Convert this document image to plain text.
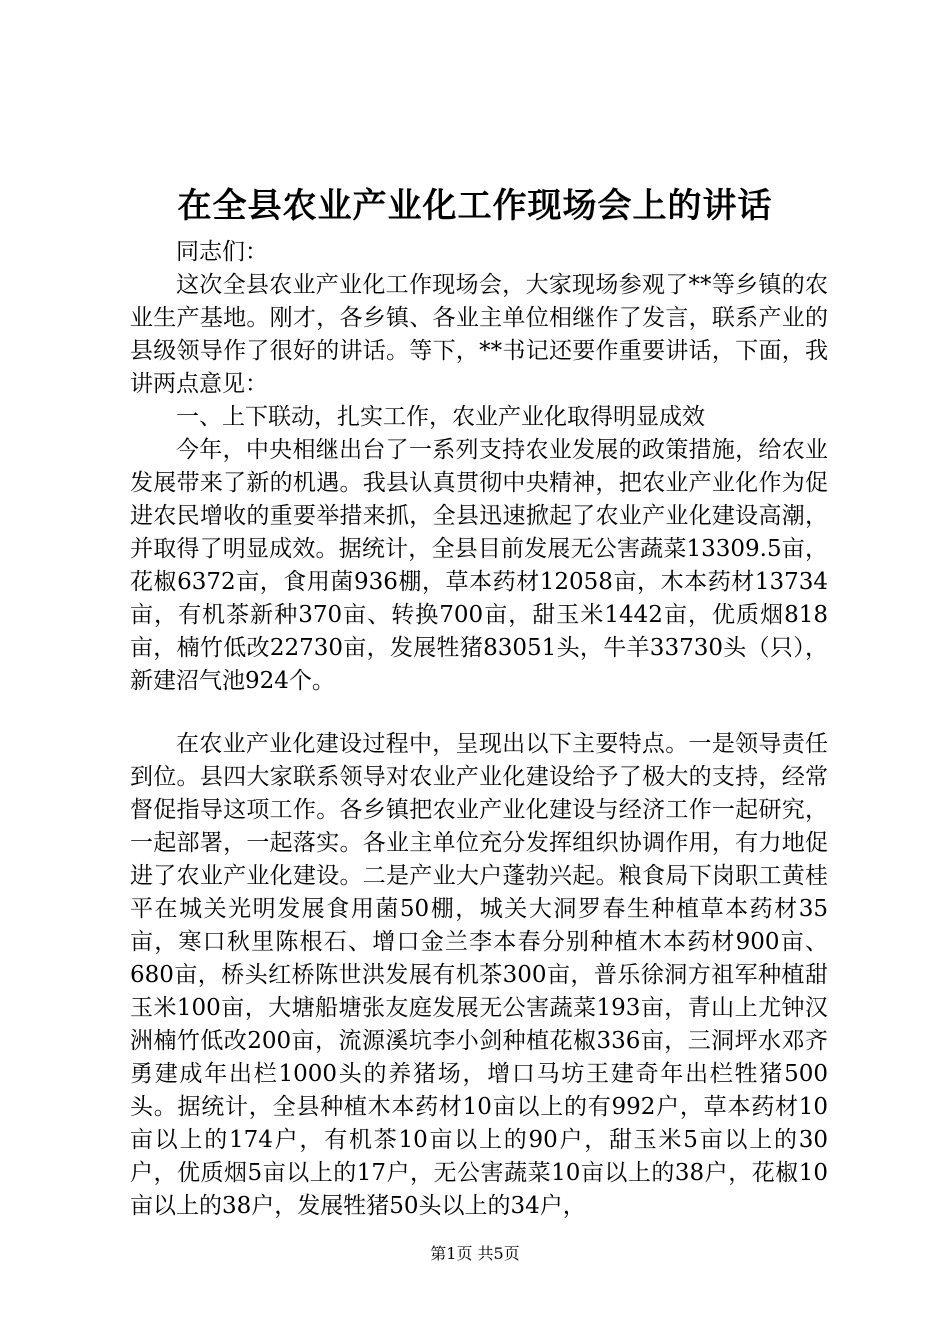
在全县农业产业化工作现场会上的讲话

同志们：

这次全县农业产业化工作现场会，大家现场参观了**等乡镇的农业生产基地。刚才，各乡镇、各业主单位相继作了发言，联系产业的县级领导作了很好的讲话。等下，**书记还要作重要讲话，下面，我讲两点意见：

一、上下联动，扎实工作，农业产业化取得明显成效

今年，中央相继出台了一系列支持农业发展的政策措施，给农业发展带来了新的机遇。我县认真贯彻中央精神，把农业产业化作为促进农民增收的重要举措来抓，全县迅速掀起了农业产业化建设高潮，并取得了明显成效。据统计，全县目前发展无公害蔬菜13309.5亩，花椒6372亩，食用菌936棚，草本药材12058亩，木本药材13734亩，有机茶新种370亩、转换700亩，甜玉米1442亩，优质烟818亩，楠竹低改22730亩，发展牲猪83051头，牛羊33730头（只），新建沼气池924个。

在农业产业化建设过程中，呈现出以下主要特点。一是领导责任到位。县四大家联系领导对农业产业化建设给予了极大的支持，经常督促指导这项工作。各乡镇把农业产业化建设与经济工作一起研究，一起部署，一起落实。各业主单位充分发挥组织协调作用，有力地促进了农业产业化建设。二是产业大户蓬勃兴起。粮食局下岗职工黄桂平在城关光明发展食用菌50棚，城关大洞罗春生种植草本药材35亩，寒口秋里陈根石、增口金兰李本春分别种植木本药材900亩、680亩，桥头红桥陈世洪发展有机茶300亩，普乐徐洞方祖军种植甜玉米100亩，大塘船塘张友庭发展无公害蔬菜193亩，青山上尤钟汉洲楠竹低改200亩，流源溪坑李小剑种植花椒336亩，三洞坪水邓齐勇建成年出栏1000头的养猪场，增口马坊王建奇年出栏牲猪500头。据统计，全县种植木本药材10亩以上的有992户，草本药材10亩以上的174户，有机茶10亩以上的90户，甜玉米5亩以上的30户，优质烟5亩以上的17户，无公害蔬菜10亩以上的38户，花椒10亩以上的38户，发展牲猪50头以上的34户，

第1页 共5页
